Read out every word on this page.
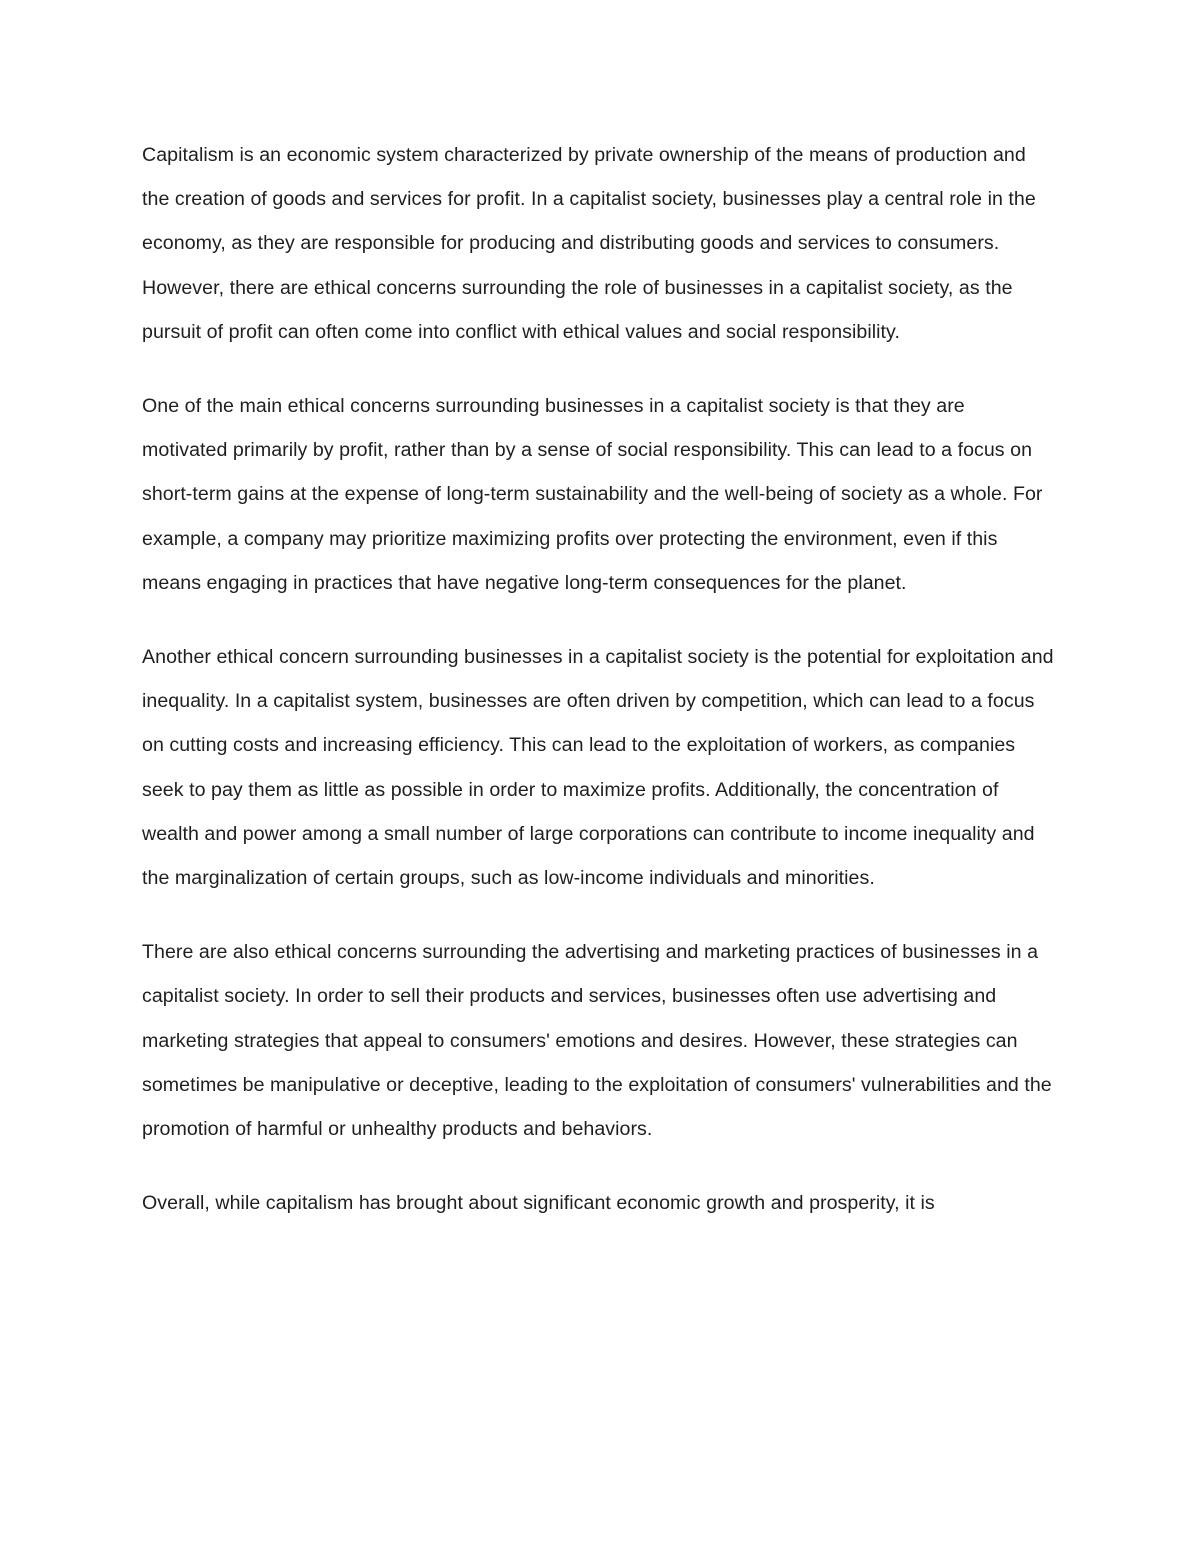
Capitalism is an economic system characterized by private ownership of the means of production and the creation of goods and services for profit. In a capitalist society, businesses play a central role in the economy, as they are responsible for producing and distributing goods and services to consumers. However, there are ethical concerns surrounding the role of businesses in a capitalist society, as the pursuit of profit can often come into conflict with ethical values and social responsibility.

One of the main ethical concerns surrounding businesses in a capitalist society is that they are motivated primarily by profit, rather than by a sense of social responsibility. This can lead to a focus on short-term gains at the expense of long-term sustainability and the well-being of society as a whole. For example, a company may prioritize maximizing profits over protecting the environment, even if this means engaging in practices that have negative long-term consequences for the planet.

Another ethical concern surrounding businesses in a capitalist society is the potential for exploitation and inequality. In a capitalist system, businesses are often driven by competition, which can lead to a focus on cutting costs and increasing efficiency. This can lead to the exploitation of workers, as companies seek to pay them as little as possible in order to maximize profits. Additionally, the concentration of wealth and power among a small number of large corporations can contribute to income inequality and the marginalization of certain groups, such as low-income individuals and minorities.

There are also ethical concerns surrounding the advertising and marketing practices of businesses in a capitalist society. In order to sell their products and services, businesses often use advertising and marketing strategies that appeal to consumers' emotions and desires. However, these strategies can sometimes be manipulative or deceptive, leading to the exploitation of consumers' vulnerabilities and the promotion of harmful or unhealthy products and behaviors.

Overall, while capitalism has brought about significant economic growth and prosperity, it is
